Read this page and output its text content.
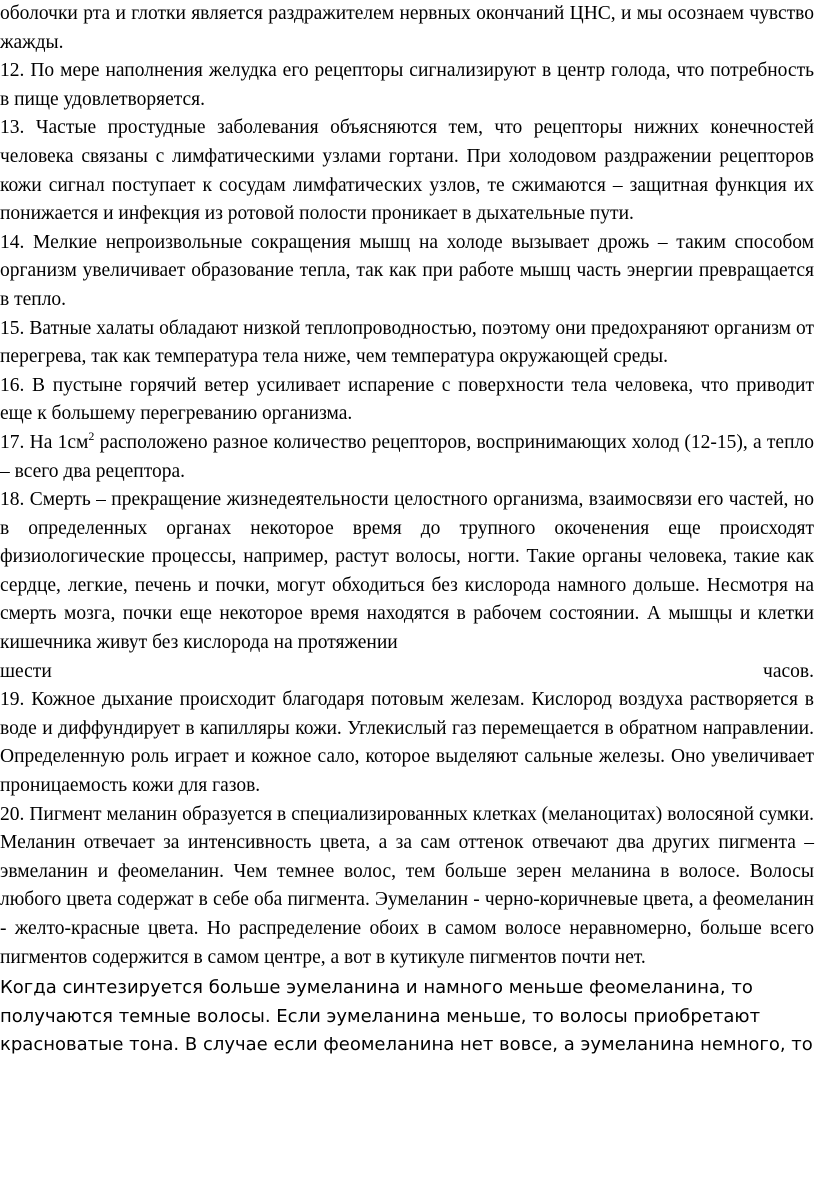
оболочки рта и глотки является раздражителем нервных окончаний ЦНС, и мы осознаем чувство жажды.

12. По мере наполнения желудка его рецепторы сигнализируют в центр голода, что потребность в пище удовлетворяется.

13. Частые простудные заболевания объясняются тем, что рецепторы нижних конечностей человека связаны с лимфатическими узлами гортани. При холодовом раздражении рецепторов кожи сигнал поступает к сосудам лимфатических узлов, те сжимаются – защитная функция их понижается и инфекция из ротовой полости проникает в дыхательные пути.

14. Мелкие непроизвольные сокращения мышц на холоде вызывает дрожь – таким способом организм увеличивает образование тепла, так как при работе мышц часть энергии превращается в тепло.

15. Ватные халаты обладают низкой теплопроводностью, поэтому они предохраняют организм от перегрева, так как температура тела ниже, чем температура окружающей среды.

16. В пустыне горячий ветер усиливает испарение с поверхности тела человека, что приводит еще к большему перегреванию организма.

17. На $1см^2$ расположено разное количество рецепторов, воспринимающих холод (12-15), а тепло – всего два рецептора.

18. Смерть – прекращение жизнедеятельности целостного организма, взаимосвязи его частей, но в определенных органах некоторое время до трупного окоченения еще происходят физиологические процессы, например, растут волосы, ногти. Такие органы человека, такие как сердце, легкие, печень и почки, могут обходиться без кислорода намного дольше. Несмотря на смерть мозга, почки еще некоторое время находятся в рабочем состоянии. А мышцы и клетки кишечника живут без кислорода на протяжении

шести	часов.

19. Кожное дыхание происходит благодаря потовым железам. Кислород воздуха растворяется в воде и диффундирует в капилляры кожи. Углекислый газ перемещается в обратном направлении. Определенную роль играет и кожное сало, которое выделяют сальные железы. Оно увеличивает проницаемость кожи для газов.

20. Пигмент меланин образуется в специализированных клетках (меланоцитах) волосяной сумки. Меланин отвечает за интенсивность цвета, а за сам оттенок отвечают два других пигмента – эвмеланин и феомеланин. Чем темнее волос, тем больше зерен меланина в волосе. Волосы любого цвета содержат в себе оба пигмента. Эумеланин - черно-коричневые цвета, а феомеланин - желто-красные цвета. Но распределение обоих в самом волосе неравномерно, больше всего пигментов содержится в самом центре, а вот в кутикуле пигментов почти нет.

Когда синтезируется больше эумеланина и намного меньше феомеланина, то

получаются темные волосы. Если эумеланина меньше, то волосы приобретают

красноватые тона. В случае если феомеланина нет вовсе, а эумеланина немного, то
